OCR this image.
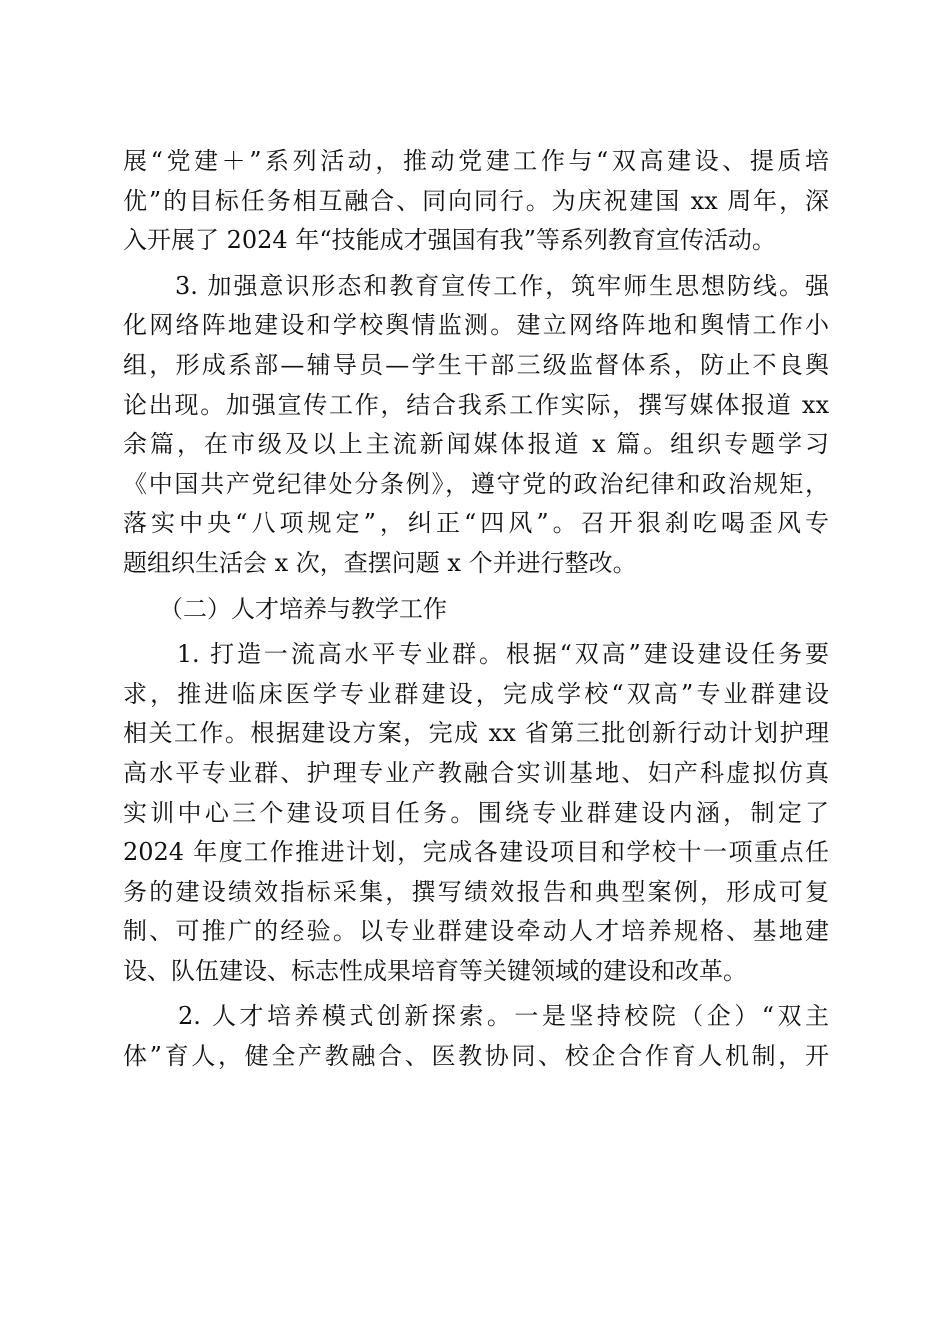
展“党建＋”系列活动，推动党建工作与“双高建设、提质培
优”的目标任务相互融合、同向同行。为庆祝建国 xx 周年，深
入开展了 2024 年“技能成才强国有我”等系列教育宣传活动。
　　3. 加强意识形态和教育宣传工作，筑牢师生思想防线。强
化网络阵地建设和学校舆情监测。建立网络阵地和舆情工作小
组，形成系部—辅导员—学生干部三级监督体系，防止不良舆
论出现。加强宣传工作，结合我系工作实际，撰写媒体报道 xx
余篇，在市级及以上主流新闻媒体报道 x 篇。组织专题学习
《中国共产党纪律处分条例》，遵守党的政治纪律和政治规矩，
落实中央“八项规定”，纠正“四风”。召开狠刹吃喝歪风专
题组织生活会 x 次，查摆问题 x 个并进行整改。
　（二）人才培养与教学工作
　　1. 打造一流高水平专业群。根据“双高”建设建设任务要
求，推进临床医学专业群建设，完成学校“双高”专业群建设
相关工作。根据建设方案，完成 xx 省第三批创新行动计划护理
高水平专业群、护理专业产教融合实训基地、妇产科虚拟仿真
实训中心三个建设项目任务。围绕专业群建设内涵，制定了
2024 年度工作推进计划，完成各建设项目和学校十一项重点任
务的建设绩效指标采集，撰写绩效报告和典型案例，形成可复
制、可推广的经验。以专业群建设牵动人才培养规格、基地建
设、队伍建设、标志性成果培育等关键领域的建设和改革。
　　2. 人才培养模式创新探索。一是坚持校院（企）“双主
体”育人，健全产教融合、医教协同、校企合作育人机制，开
